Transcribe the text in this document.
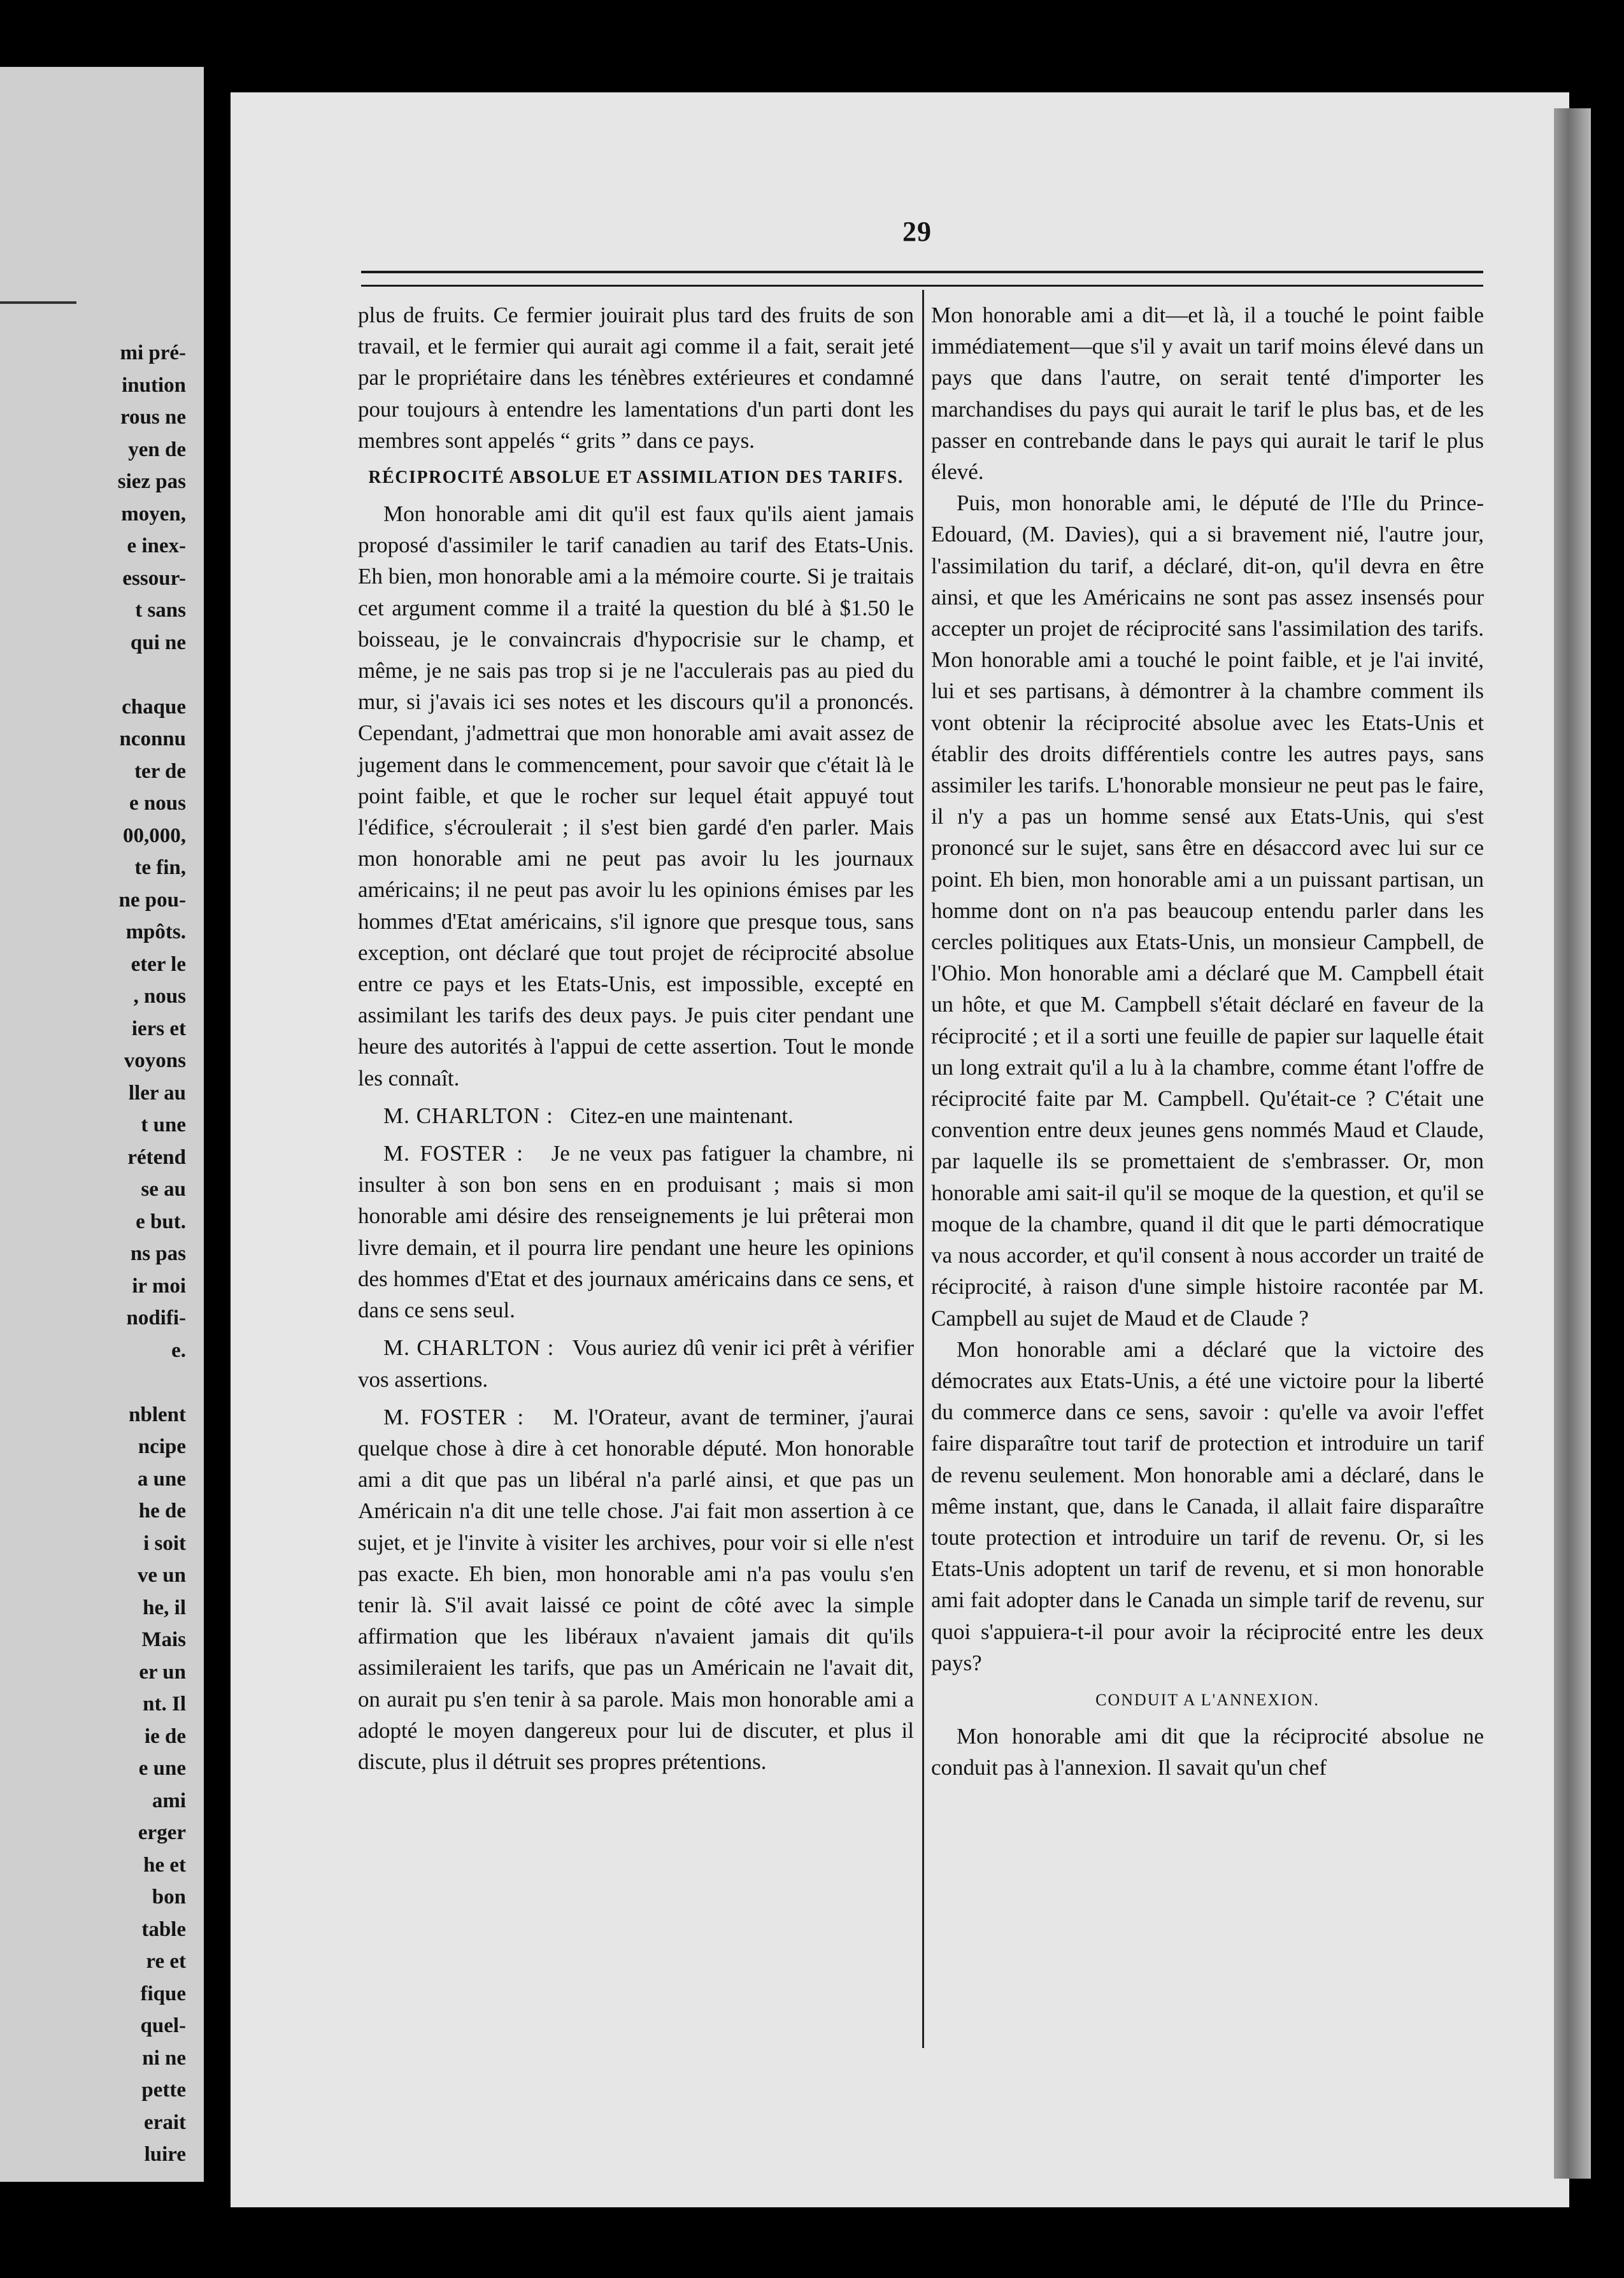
mi pré-
inution
rous ne
yen de
siez pas
moyen,
e inex-
essour-
t sans
qui ne
chaque
nconnu
ter de
e nous
00,000,
te fin,
ne pou-
mpôts.
eter le
, nous
iers et
voyons
ller au
t une
rétend
se au
e but.
ns pas
ir moi
nodifi-
e.
nblent
ncipe
a une
he de
i soit
ve un
he, il
Mais
er un
nt. Il
ie de
e une
ami
erger
he et
bon
table
re et
fique
quel-
ni ne
pette
erait
luire
29

plus de fruits. Ce fermier jouirait plus tard des fruits de son travail, et le fermier qui aurait agi comme il a fait, serait jeté par le propriétaire dans les ténèbres extérieures et condamné pour toujours à entendre les lamentations d'un parti dont les membres sont appelés “ grits ” dans ce pays.

RÉCIPROCITÉ ABSOLUE ET ASSIMILATION DES TARIFS.

Mon honorable ami dit qu'il est faux qu'ils aient jamais proposé d'assimiler le tarif canadien au tarif des Etats-Unis. Eh bien, mon honorable ami a la mémoire courte. Si je traitais cet argument comme il a traité la question du blé à $1.50 le boisseau, je le convaincrais d'hypocrisie sur le champ, et même, je ne sais pas trop si je ne l'acculerais pas au pied du mur, si j'avais ici ses notes et les discours qu'il a prononcés. Cependant, j'admettrai que mon honorable ami avait assez de jugement dans le commencement, pour savoir que c'était là le point faible, et que le rocher sur lequel était appuyé tout l'édifice, s'écroulerait ; il s'est bien gardé d'en parler. Mais mon honorable ami ne peut pas avoir lu les journaux américains; il ne peut pas avoir lu les opinions émises par les hommes d'Etat américains, s'il ignore que presque tous, sans exception, ont déclaré que tout projet de réciprocité absolue entre ce pays et les Etats-Unis, est impossible, excepté en assimilant les tarifs des deux pays. Je puis citer pendant une heure des autorités à l'appui de cette assertion. Tout le monde les connaît.

M. CHARLTON : Citez-en une maintenant.

M. FOSTER : Je ne veux pas fatiguer la chambre, ni insulter à son bon sens en en produisant ; mais si mon honorable ami désire des renseignements je lui prêterai mon livre demain, et il pourra lire pendant une heure les opinions des hommes d'Etat et des journaux américains dans ce sens, et dans ce sens seul.

M. CHARLTON : Vous auriez dû venir ici prêt à vérifier vos assertions.

M. FOSTER : M. l'Orateur, avant de terminer, j'aurai quelque chose à dire à cet honorable député. Mon honorable ami a dit que pas un libéral n'a parlé ainsi, et que pas un Américain n'a dit une telle chose. J'ai fait mon assertion à ce sujet, et je l'invite à visiter les archives, pour voir si elle n'est pas exacte. Eh bien, mon honorable ami n'a pas voulu s'en tenir là. S'il avait laissé ce point de côté avec la simple affirmation que les libéraux n'avaient jamais dit qu'ils assimileraient les tarifs, que pas un Américain ne l'avait dit, on aurait pu s'en tenir à sa parole. Mais mon honorable ami a adopté le moyen dangereux pour lui de discuter, et plus il discute, plus il détruit ses propres prétentions.

Mon honorable ami a dit—et là, il a touché le point faible immédiatement—que s'il y avait un tarif moins élevé dans un pays que dans l'autre, on serait tenté d'importer les marchandises du pays qui aurait le tarif le plus bas, et de les passer en contrebande dans le pays qui aurait le tarif le plus élevé.

Puis, mon honorable ami, le député de l'Ile du Prince-Edouard, (M. Davies), qui a si bravement nié, l'autre jour, l'assimilation du tarif, a déclaré, dit-on, qu'il devra en être ainsi, et que les Américains ne sont pas assez insensés pour accepter un projet de réciprocité sans l'assimilation des tarifs. Mon honorable ami a touché le point faible, et je l'ai invité, lui et ses partisans, à démontrer à la chambre comment ils vont obtenir la réciprocité absolue avec les Etats-Unis et établir des droits différentiels contre les autres pays, sans assimiler les tarifs. L'honorable monsieur ne peut pas le faire, il n'y a pas un homme sensé aux Etats-Unis, qui s'est prononcé sur le sujet, sans être en désaccord avec lui sur ce point. Eh bien, mon honorable ami a un puissant partisan, un homme dont on n'a pas beaucoup entendu parler dans les cercles politiques aux Etats-Unis, un monsieur Campbell, de l'Ohio. Mon honorable ami a déclaré que M. Campbell était un hôte, et que M. Campbell s'était déclaré en faveur de la réciprocité ; et il a sorti une feuille de papier sur laquelle était un long extrait qu'il a lu à la chambre, comme étant l'offre de réciprocité faite par M. Campbell. Qu'était-ce ? C'était une convention entre deux jeunes gens nommés Maud et Claude, par laquelle ils se promettaient de s'embrasser. Or, mon honorable ami sait-il qu'il se moque de la question, et qu'il se moque de la chambre, quand il dit que le parti démocratique va nous accorder, et qu'il consent à nous accorder un traité de réciprocité, à raison d'une simple histoire racontée par M. Campbell au sujet de Maud et de Claude ?

Mon honorable ami a déclaré que la victoire des démocrates aux Etats-Unis, a été une victoire pour la liberté du commerce dans ce sens, savoir : qu'elle va avoir l'effet faire disparaître tout tarif de protection et introduire un tarif de revenu seulement. Mon honorable ami a déclaré, dans le même instant, que, dans le Canada, il allait faire disparaître toute protection et introduire un tarif de revenu. Or, si les Etats-Unis adoptent un tarif de revenu, et si mon honorable ami fait adopter dans le Canada un simple tarif de revenu, sur quoi s'appuiera-t-il pour avoir la réciprocité entre les deux pays?

CONDUIT A L'ANNEXION.

Mon honorable ami dit que la réciprocité absolue ne conduit pas à l'annexion. Il savait qu'un chef
